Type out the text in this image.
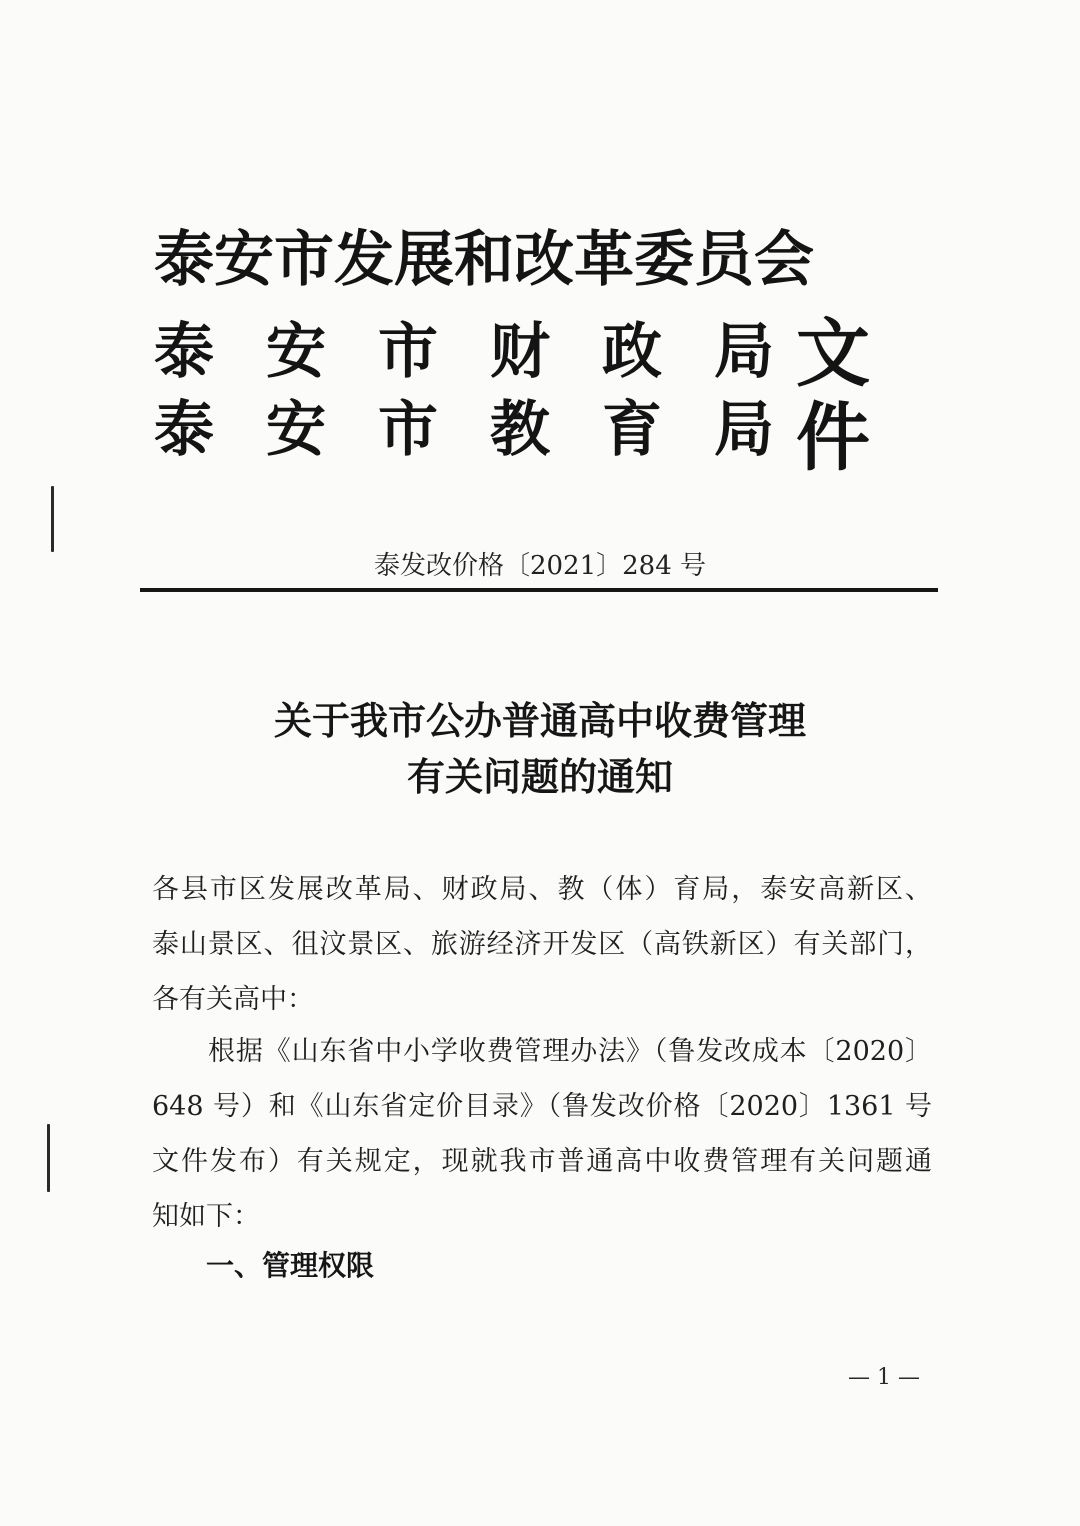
泰安市发展和改革委员会
泰 安 市 财 政 局 文件
泰 安 市 教 育 局
泰发改价格〔2021〕284 号
关于我市公办普通高中收费管理
有关问题的通知
各县市区发展改革局、财政局、教（体）育局，泰安高新区、
泰山景区、徂汶景区、旅游经济开发区（高铁新区）有关部门，
各有关高中：
根据《山东省中小学收费管理办法》（鲁发改成本〔2020〕
648 号）和《山东省定价目录》（鲁发改价格〔2020〕1361 号
文件发布）有关规定，现就我市普通高中收费管理有关问题通
知如下：
一、管理权限
— 1 —
